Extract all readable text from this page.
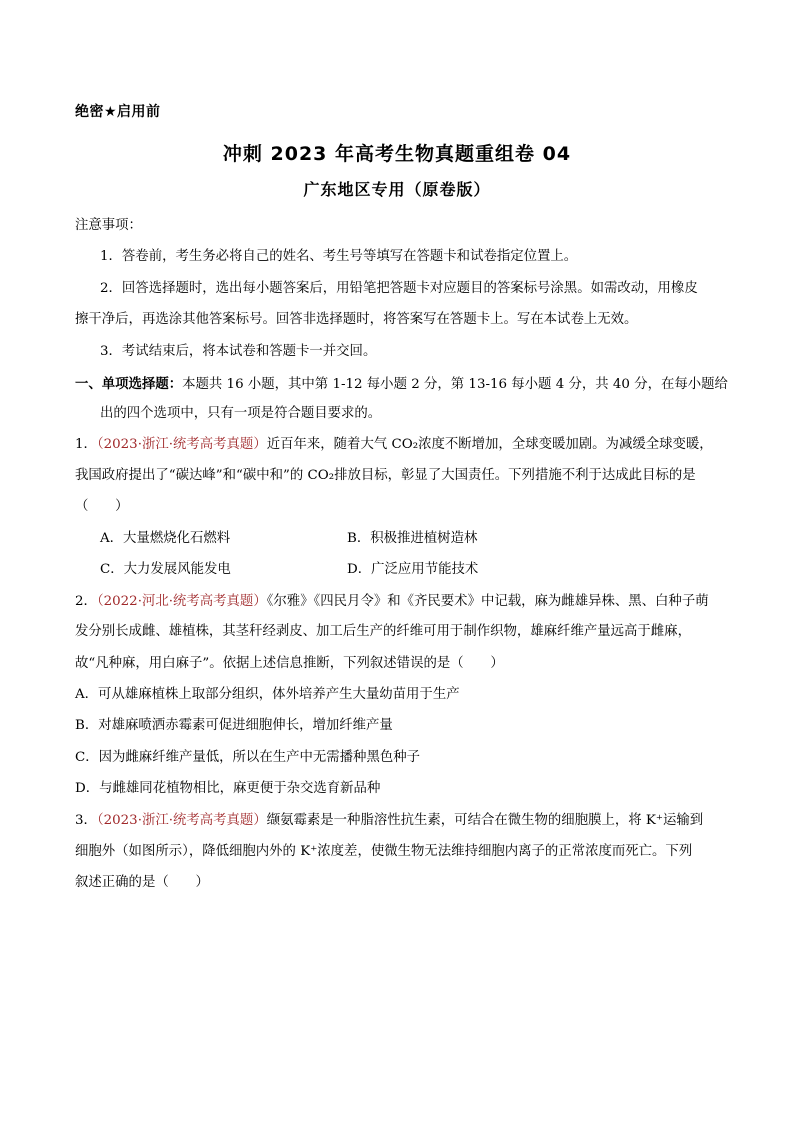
绝密★启用前
冲刺 2023 年高考生物真题重组卷 04
广东地区专用（原卷版）
注意事项：
1．答卷前，考生务必将自己的姓名、考生号等填写在答题卡和试卷指定位置上。
2．回答选择题时，选出每小题答案后，用铅笔把答题卡对应题目的答案标号涂黑。如需改动，用橡皮
擦干净后，再选涂其他答案标号。回答非选择题时，将答案写在答题卡上。写在本试卷上无效。
3．考试结束后，将本试卷和答题卡一并交回。
一、单项选择题：本题共 16 小题，其中第 1-12 每小题 2 分，第 13-16 每小题 4 分，共 40 分，在每小题给
出的四个选项中，只有一项是符合题目要求的。
1．（2023·浙江·统考高考真题）近百年来，随着大气 CO₂浓度不断增加，全球变暖加剧。为减缓全球变暖，
我国政府提出了“碳达峰”和“碳中和”的 CO₂排放目标，彰显了大国责任。下列措施不利于达成此目标的是
（　　）
A．大量燃烧化石燃料	B．积极推进植树造林
C．大力发展风能发电	D．广泛应用节能技术
2．（2022·河北·统考高考真题）《尔雅》《四民月令》和《齐民要术》中记载，麻为雌雄异株、黑、白种子萌
发分别长成雌、雄植株，其茎秆经剥皮、加工后生产的纤维可用于制作织物，雄麻纤维产量远高于雌麻，
故“凡种麻，用白麻子”。依据上述信息推断，下列叙述错误的是（　　）
A．可从雄麻植株上取部分组织，体外培养产生大量幼苗用于生产
B．对雄麻喷洒赤霉素可促进细胞伸长，增加纤维产量
C．因为雌麻纤维产量低，所以在生产中无需播种黑色种子
D．与雌雄同花植物相比，麻更便于杂交选育新品种
3．（2023·浙江·统考高考真题）缬氨霉素是一种脂溶性抗生素，可结合在微生物的细胞膜上，将 K⁺运输到
细胞外（如图所示），降低细胞内外的 K⁺浓度差，使微生物无法维持细胞内离子的正常浓度而死亡。下列
叙述正确的是（　　）
